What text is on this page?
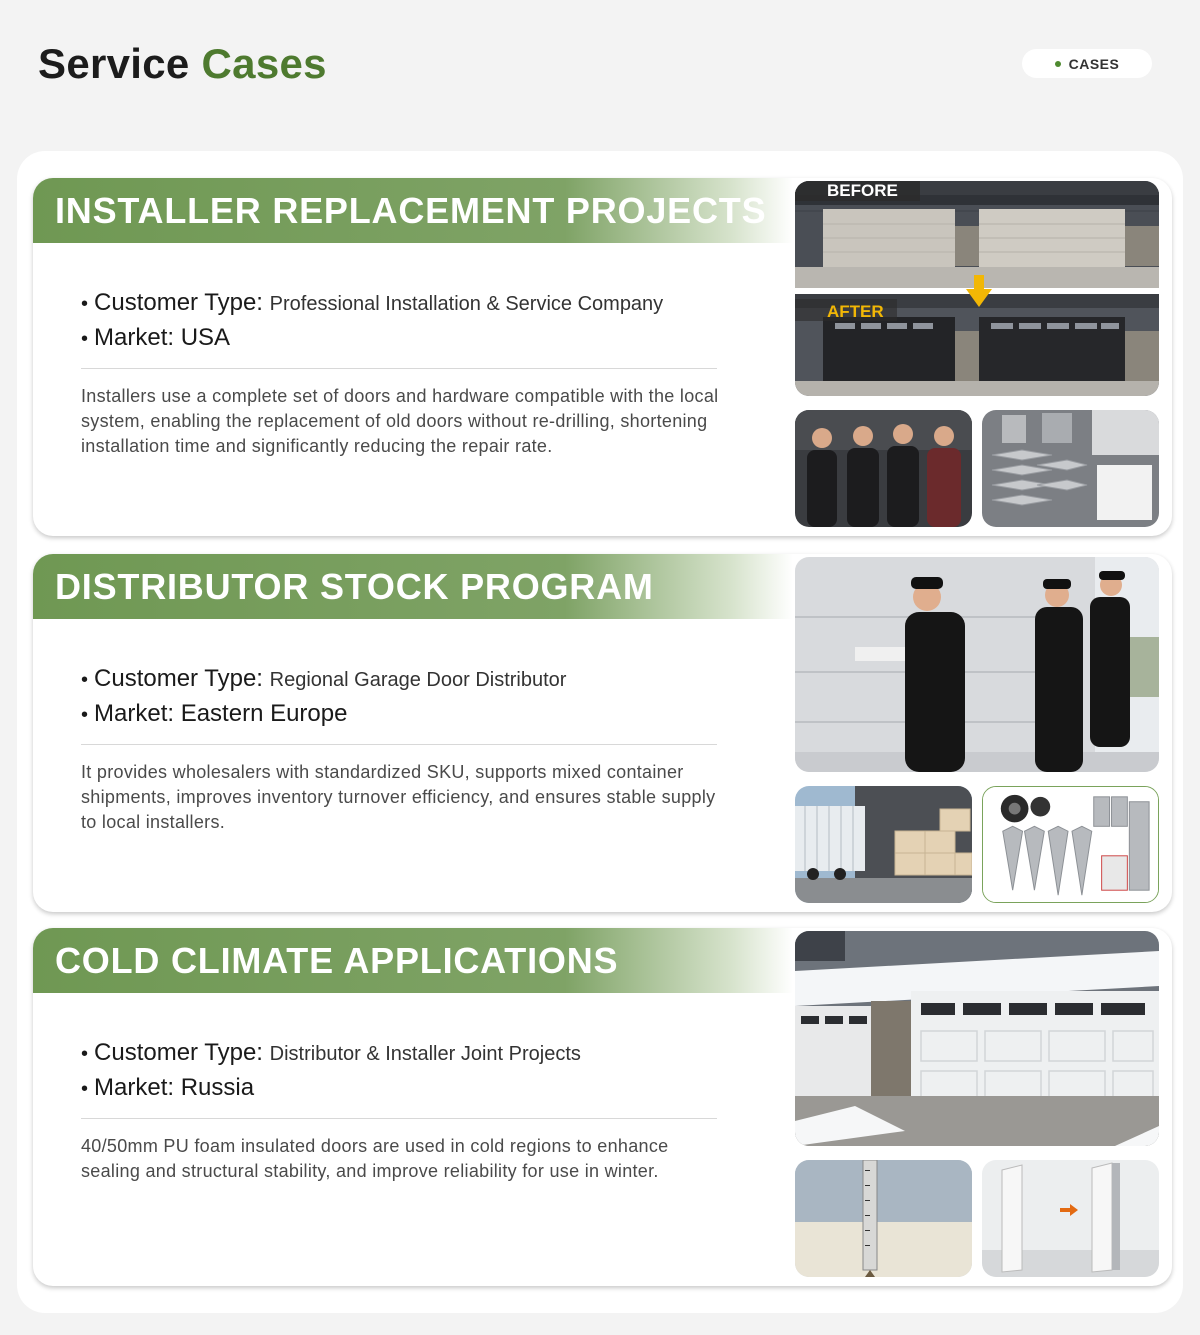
Service Cases	CASES
INSTALLER REPLACEMENT PROJECTS
• Customer Type: Professional Installation & Service Company
• Market: USA
Installers use a complete set of doors and hardware compatible with the local system, enabling the replacement of old doors without re-drilling, shortening installation time and significantly reducing the repair rate.
BEFORE
AFTER
DISTRIBUTOR STOCK PROGRAM
• Customer Type: Regional Garage Door Distributor
• Market: Eastern Europe
It provides wholesalers with standardized SKU, supports mixed container shipments, improves inventory turnover efficiency, and ensures stable supply to local installers.
COLD CLIMATE APPLICATIONS
• Customer Type: Distributor & Installer Joint Projects
• Market: Russia
40/50mm PU foam insulated doors are used in cold regions to enhance sealing and structural stability, and improve reliability for use in winter.
